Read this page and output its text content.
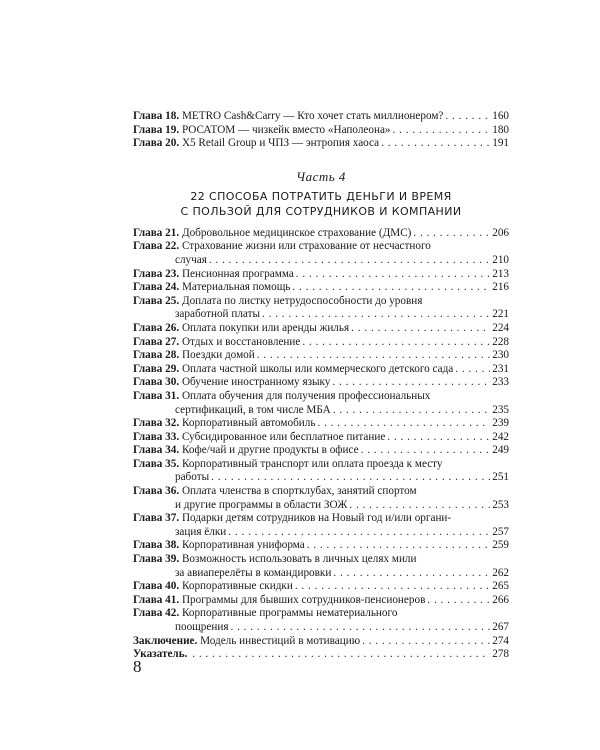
Глава 18.
METRO Cash&Carry — Кто хочет стать миллионером? . . .	160
Глава 19.
РОСАТОМ — чизкейк вместо «Наполеона» . . .	180
Глава 20.
X5 Retail Group и ЧПЗ — энтропия хаоса . . .	191
Часть 4
22 СПОСОБА ПОТРАТИТЬ ДЕНЬГИ И ВРЕМЯ
С ПОЛЬЗОЙ ДЛЯ СОТРУДНИКОВ И КОМПАНИИ
Глава 21.
Добровольное медицинское страхование (ДМС) . . .	206
Глава 22.
Страхование жизни или страхование от несчастного
случая . . .	210
Глава 23.
Пенсионная программа . . .	213
Глава 24.
Материальная помощь . . .	216
Глава 25.
Доплата по листку нетрудоспособности до уровня
заработной платы . . .	221
Глава 26.
Оплата покупки или аренды жилья . . .	224
Глава 27.
Отдых и восстановление . . .	228
Глава 28.
Поездки домой . . .	230
Глава 29.
Оплата частной школы или коммерческого детского сада . . .	231
Глава 30.
Обучение иностранному языку . . .	233
Глава 31.
Оплата обучения для получения профессиональных
сертификаций, в том числе МБА . . .	235
Глава 32.
Корпоративный автомобиль . . .	239
Глава 33.
Субсидированное или бесплатное питание . . .	242
Глава 34.
Кофе/чай и другие продукты в офисе . . .	249
Глава 35.
Корпоративный транспорт или оплата проезда к месту
работы . . .	251
Глава 36.
Оплата членства в спортклубах, занятий спортом
и другие программы в области ЗОЖ . . .	253
Глава 37.
Подарки детям сотрудников на Новый год и/или органи-
зация ёлки . . .	257
Глава 38.
Корпоративная униформа . . .	259
Глава 39.
Возможность использовать в личных целях мили
за авиаперелёты в командировки . . .	262
Глава 40.
Корпоративные скидки . . .	265
Глава 41.
Программы для бывших сотрудников-пенсионеров . . .	266
Глава 42.
Корпоративные программы нематериального
поощрения . . .	267
Заключение.
Модель инвестиций в мотивацию . . .	274
Указатель.
. . .	278
8
